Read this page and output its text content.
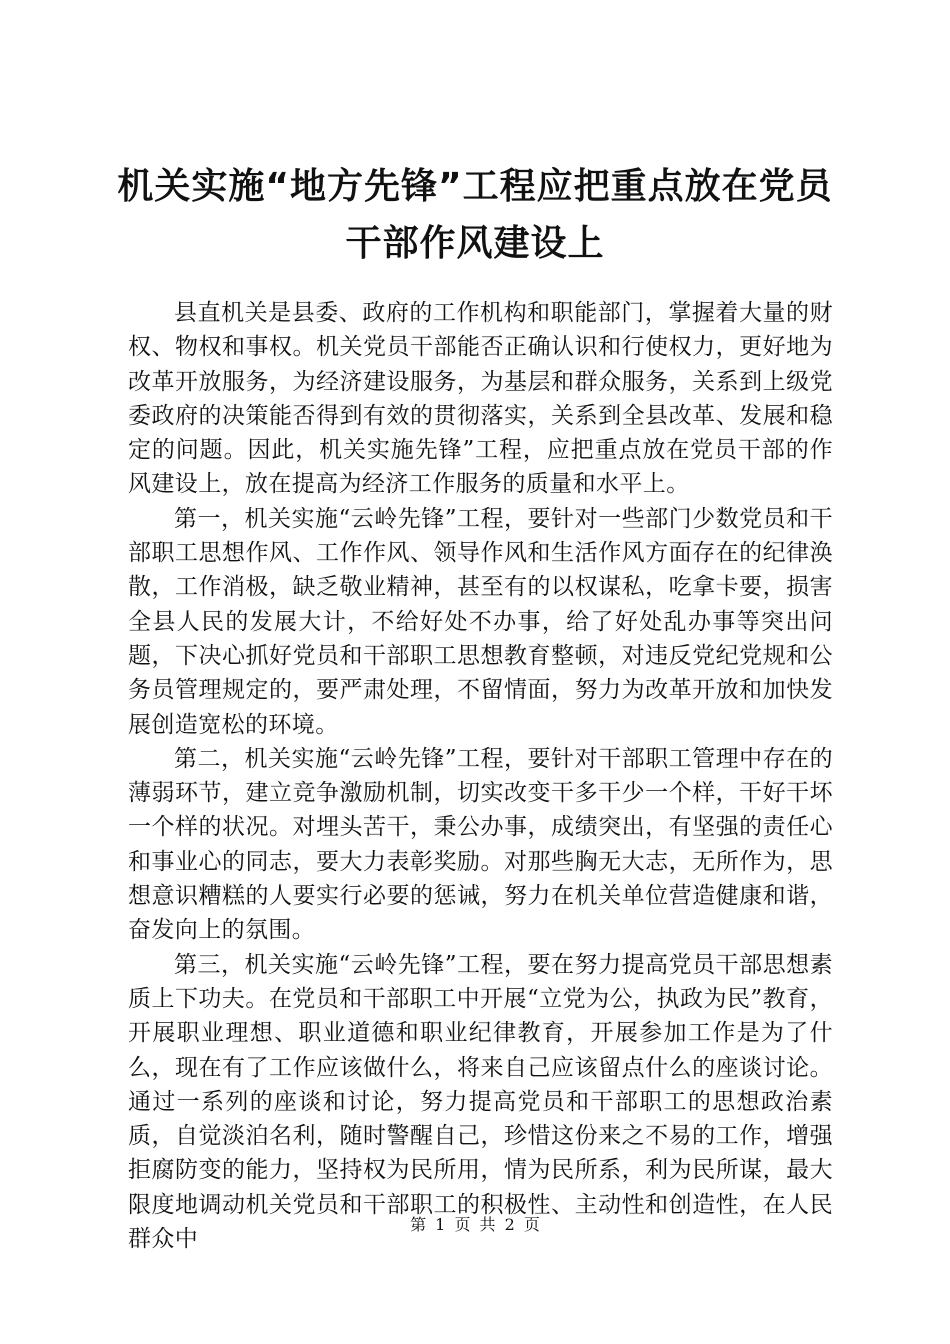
机关实施“地方先锋”工程应把重点放在党员
干部作风建设上

县直机关是县委、政府的工作机构和职能部门，掌握着大量的财权、物权和事权。机关党员干部能否正确认识和行使权力，更好地为改革开放服务，为经济建设服务，为基层和群众服务，关系到上级党委政府的决策能否得到有效的贯彻落实，关系到全县改革、发展和稳定的问题。因此，机关实施先锋”工程，应把重点放在党员干部的作风建设上，放在提高为经济工作服务的质量和水平上。

第一，机关实施“云岭先锋”工程，要针对一些部门少数党员和干部职工思想作风、工作作风、领导作风和生活作风方面存在的纪律涣散，工作消极，缺乏敬业精神，甚至有的以权谋私，吃拿卡要，损害全县人民的发展大计，不给好处不办事，给了好处乱办事等突出问题，下决心抓好党员和干部职工思想教育整顿，对违反党纪党规和公务员管理规定的，要严肃处理，不留情面，努力为改革开放和加快发展创造宽松的环境。

第二，机关实施“云岭先锋”工程，要针对干部职工管理中存在的薄弱环节，建立竞争激励机制，切实改变干多干少一个样，干好干坏一个样的状况。对埋头苦干，秉公办事，成绩突出，有坚强的责任心和事业心的同志，要大力表彰奖励。对那些胸无大志，无所作为，思想意识糟糕的人要实行必要的惩诫，努力在机关单位营造健康和谐，奋发向上的氛围。

第三，机关实施“云岭先锋”工程，要在努力提高党员干部思想素质上下功夫。在党员和干部职工中开展“立党为公，执政为民”教育，开展职业理想、职业道德和职业纪律教育，开展参加工作是为了什么，现在有了工作应该做什么，将来自己应该留点什么的座谈讨论。通过一系列的座谈和讨论，努力提高党员和干部职工的思想政治素质，自觉淡泊名利，随时警醒自己，珍惜这份来之不易的工作，增强拒腐防变的能力，坚持权为民所用，情为民所系，利为民所谋，最大限度地调动机关党员和干部职工的积极性、主动性和创造性，在人民群众中

第 1 页 共 2 页
